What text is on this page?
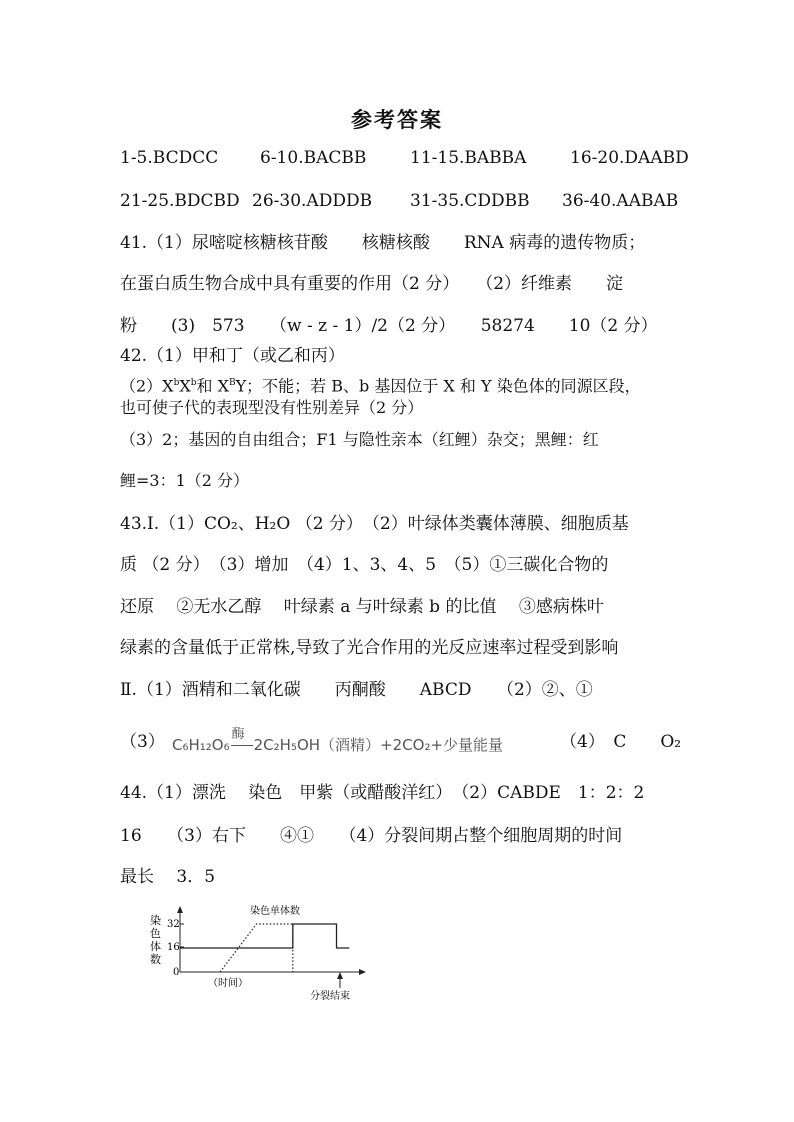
参考答案
1-5.BCDCC 6-10.BACBB	11-15.BABBA	16-20.DAABD
21-25.BDCBD 26-30.ADDDB 31-35.CDDBB 36-40.AABAB
41.（1）尿嘧啶核糖核苷酸　　核糖核酸　　RNA 病毒的遗传物质；
在蛋白质生物合成中具有重要的作用（2 分）　　（2）纤维素　　淀
粉　　(3)　573　　（w - z - 1）/2（2 分）　　58274　　10（2 分）
42.（1）甲和丁（或乙和丙）
$(2)X^bX^b$和 $X^BY$；不能；若 B、b 基因位于 X 和 Y 染色体的同源区段，
也可使子代的表现型没有性别差异（2 分）
（3）2；基因的自由组合；F1 与隐性亲本（红鲤）杂交；黑鲤：红
鲤=3：1（2 分）
43.Ⅰ.（1）CO₂、H₂O （2 分）　（2）叶绿体类囊体薄膜、细胞质基
质 （2 分）　（3）增加　（4）1、3、4、5　（5）①三碳化合物的
还原　 ②无水乙醇　 叶绿素 a 与叶绿素 b 的比值　 ③感病株叶
绿素的含量低于正常株,导致了光合作用的光反应速率过程受到影响
Ⅱ.（1）酒精和二氧化碳　　丙酮酸　　ABCD　　（2）②、①
（3） C₆H₁₂O₆
酶
2C₂H₅OH（酒精）+2CO₂+少量能量	（4）　C　　O₂
44.（1）漂洗　 染色　甲紫（或醋酸洋红）　（2）CABDE　1：2：2
16　　（3）右下　　④①　　（4）分裂间期占整个细胞周期的时间
最长　 3．5
染色单体数
染
色
体
数
32
16
0
（时间）
分裂结束
